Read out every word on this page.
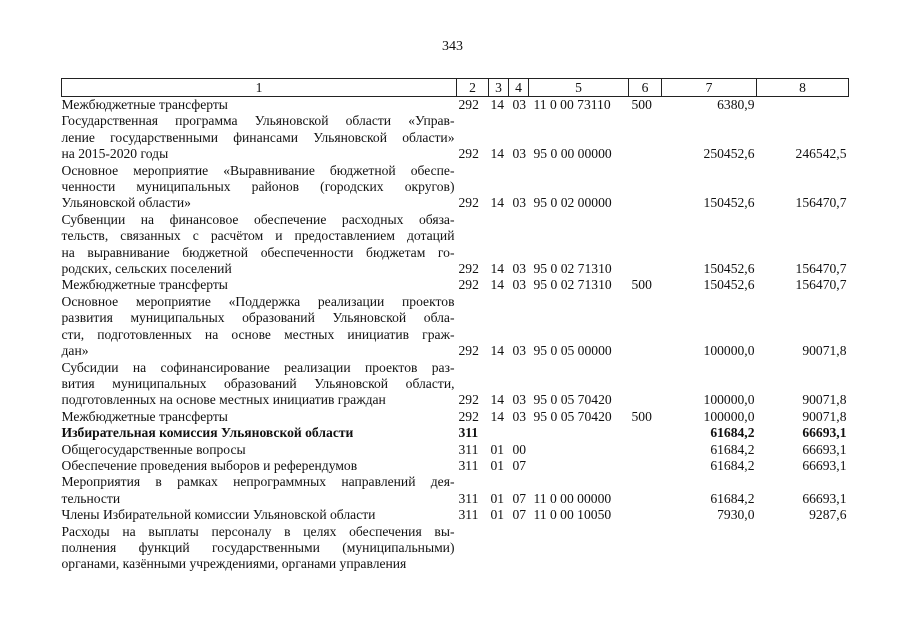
343
1	2	3	4	5	6	7	8

Межбюджетные трансферты	292	14	03	11 0 00 73110	500	6380,9	

Государственная программа Ульяновской области «Управ-
ление государственными финансами Ульяновской области»
на 2015-2020 годы	292	14	03	95 0 00 00000		250452,6	246542,5

Основное мероприятие «Выравнивание бюджетной обеспе-
ченности муниципальных районов (городских округов)
Ульяновской области»	292	14	03	95 0 02 00000		150452,6	156470,7

Субвенции на финансовое обеспечение расходных обяза-
тельств, связанных с расчётом и предоставлением дотаций
на выравнивание бюджетной обеспеченности бюджетам го-
родских, сельских поселений	292	14	03	95 0 02 71310		150452,6	156470,7

Межбюджетные трансферты	292	14	03	95 0 02 71310	500	150452,6	156470,7

Основное мероприятие «Поддержка реализации проектов
развития муниципальных образований Ульяновской обла-
сти, подготовленных на основе местных инициатив граж-
дан»	292	14	03	95 0 05 00000		100000,0	90071,8

Субсидии на софинансирование реализации проектов раз-
вития муниципальных образований Ульяновской области,
подготовленных на основе местных инициатив граждан	292	14	03	95 0 05 70420		100000,0	90071,8

Межбюджетные трансферты	292	14	03	95 0 05 70420	500	100000,0	90071,8

Избирательная комиссия Ульяновской области	311					61684,2	66693,1

Общегосударственные вопросы	311	01	00			61684,2	66693,1

Обеспечение проведения выборов и референдумов	311	01	07			61684,2	66693,1

Мероприятия в рамках непрограммных направлений дея-
тельности	311	01	07	11 0 00 00000		61684,2	66693,1

Члены Избирательной комиссии Ульяновской области	311	01	07	11 0 00 10050		7930,0	9287,6

Расходы на выплаты персоналу в целях обеспечения вы-
полнения функций государственными (муниципальными)
органами, казёнными учреждениями, органами управления							
